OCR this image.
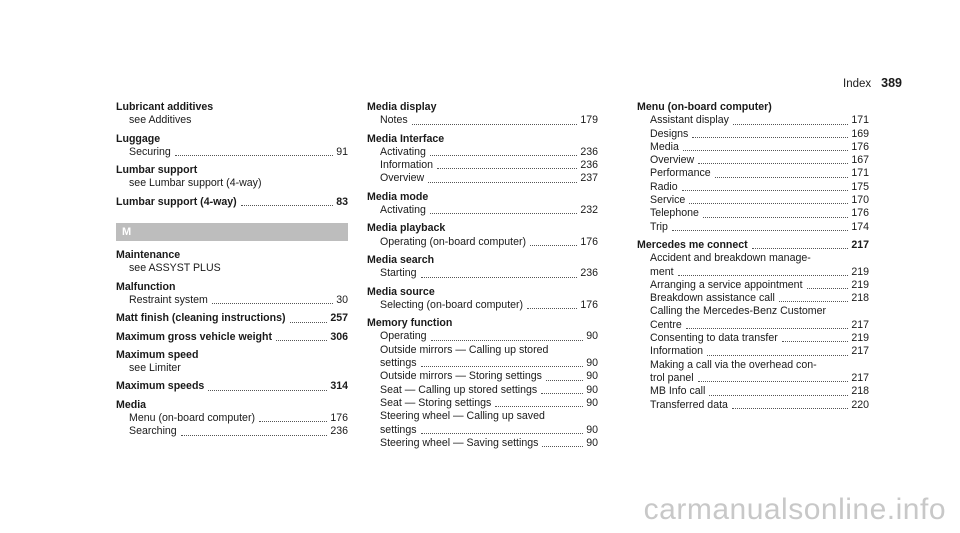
Index 389
Lubricant additives
see Additives
Luggage
Securing	91
Lumbar support
see Lumbar support (4-way)
Lumbar support (4-way)	83
M
Maintenance
see ASSYST PLUS
Malfunction
Restraint system	30
Matt finish (cleaning instructions)	257
Maximum gross vehicle weight	306
Maximum speed
see Limiter
Maximum speeds	314
Media
Menu (on-board computer)	176
Searching	236
Media display
Notes	179
Media Interface
Activating	236
Information	236
Overview	237
Media mode
Activating	232
Media playback
Operating (on-board computer)	176
Media search
Starting	236
Media source
Selecting (on-board computer)	176
Memory function
Operating	90
Outside mirrors — Calling up stored
settings	90
Outside mirrors — Storing settings	90
Seat — Calling up stored settings	90
Seat — Storing settings	90
Steering wheel — Calling up saved
settings	90
Steering wheel — Saving settings	90
Menu (on-board computer)
Assistant display	171
Designs	169
Media	176
Overview	167
Performance	171
Radio	175
Service	170
Telephone	176
Trip	174
Mercedes me connect	217
Accident and breakdown manage-
ment	219
Arranging a service appointment	219
Breakdown assistance call	218
Calling the Mercedes-Benz Customer
Centre	217
Consenting to data transfer	219
Information	217
Making a call via the overhead con-
trol panel	217
MB Info call	218
Transferred data	220
carmanualsonline.info
